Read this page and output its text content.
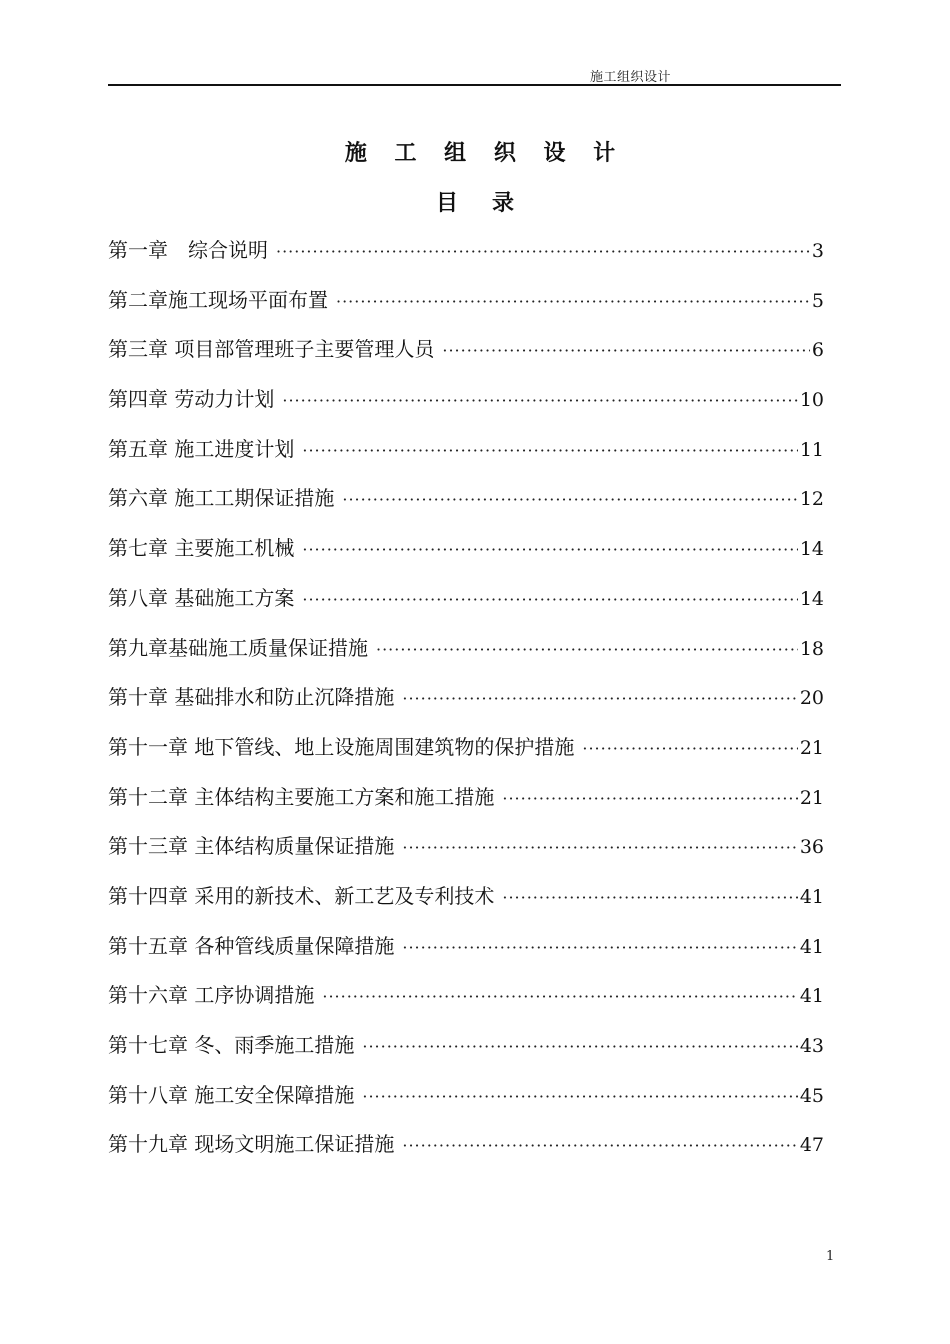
施工组织设计
施 工 组 织 设 计
目 录
第一章　综合说明 ·····	3
第二章施工现场平面布置 ·····	5
第三章 项目部管理班子主要管理人员 ·····	6
第四章 劳动力计划 ·····	10
第五章 施工进度计划 ·····	11
第六章 施工工期保证措施 ·····	12
第七章 主要施工机械 ·····	14
第八章 基础施工方案 ·····	14
第九章基础施工质量保证措施 ·····	18
第十章 基础排水和防止沉降措施 ·····	20
第十一章 地下管线、地上设施周围建筑物的保护措施 ·····	21
第十二章 主体结构主要施工方案和施工措施 ·····	21
第十三章 主体结构质量保证措施 ·····	36
第十四章 采用的新技术、新工艺及专利技术 ·····	41
第十五章 各种管线质量保障措施 ·····	41
第十六章 工序协调措施 ·····	41
第十七章 冬、雨季施工措施 ·····	43
第十八章 施工安全保障措施 ·····	45
第十九章 现场文明施工保证措施 ·····	47
1
